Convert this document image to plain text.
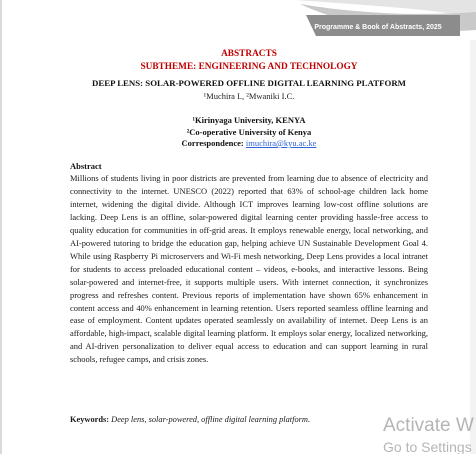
Programme & Book of Abstracts, 2025
ABSTRACTS
SUBTHEME: ENGINEERING AND TECHNOLOGY
DEEP LENS: SOLAR-POWERED OFFLINE DIGITAL LEARNING PLATFORM
¹Muchira I., ²Mwaniki I.C.
¹Kirinyaga University, KENYA
²Co-operative University of Kenya
Correspondence: imuchira@kyu.ac.ke
Abstract
Millions of students living in poor districts are prevented from learning due to absence of electricity and connectivity to the internet. UNESCO (2022) reported that 63% of school-age children lack home internet, widening the digital divide. Although ICT improves learning low-cost offline solutions are lacking. Deep Lens is an offline, solar-powered digital learning center providing hassle-free access to quality education for communities in off-grid areas. It employs renewable energy, local networking, and AI-powered tutoring to bridge the education gap, helping achieve UN Sustainable Development Goal 4. While using Raspberry Pi microservers and Wi-Fi mesh networking, Deep Lens provides a local intranet for students to access preloaded educational content – videos, e-books, and interactive lessons. Being solar-powered and internet-free, it supports multiple users. With internet connection, it synchronizes progress and refreshes content. Previous reports of implementation have shown 65% enhancement in content access and 40% enhancement in learning retention. Users reported seamless offline learning and ease of employment. Content updates operated seamlessly on availability of internet. Deep Lens is an affordable, high-impact, scalable digital learning platform. It employs solar energy, localized networking, and AI-driven personalization to deliver equal access to education and can support learning in rural schools, refugee camps, and crisis zones.
Keywords: Deep lens, solar-powered, offline digital learning platform.	Activate W
Go to Settings
